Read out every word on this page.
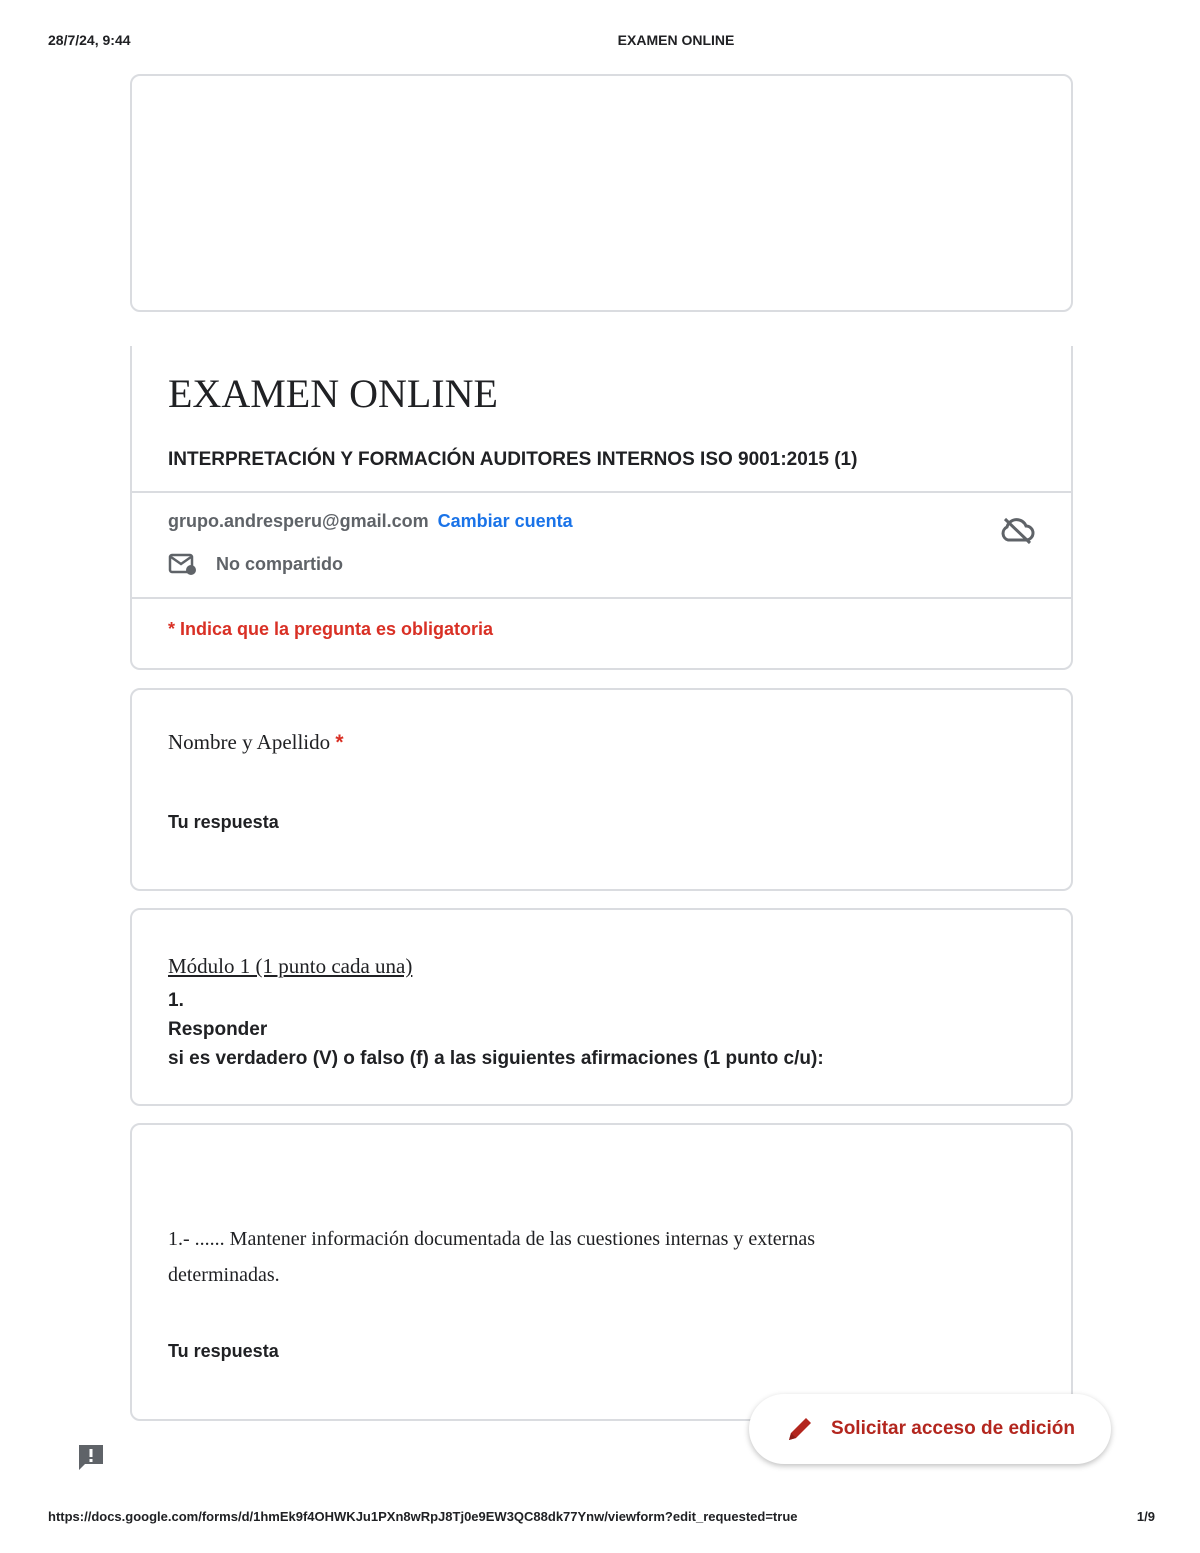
28/7/24, 9:44	EXAMEN ONLINE
EXAMEN ONLINE
INTERPRETACIÓN Y FORMACIÓN AUDITORES INTERNOS ISO 9001:2015 (1)
grupo.andresperu@gmail.com Cambiar cuenta
No compartido
* Indica que la pregunta es obligatoria
Nombre y Apellido *
Tu respuesta
Módulo 1 (1 punto cada una)
1.
Responder
si es verdadero (V) o falso (f) a las siguientes afirmaciones (1 punto c/u):
1.- ...... Mantener información documentada de las cuestiones internas y externas determinadas.
Tu respuesta
Solicitar acceso de edición
https://docs.google.com/forms/d/1hmEk9f4OHWKJu1PXn8wRpJ8Tj0e9EW3QC88dk77Ynw/viewform?edit_requested=true	1/9
